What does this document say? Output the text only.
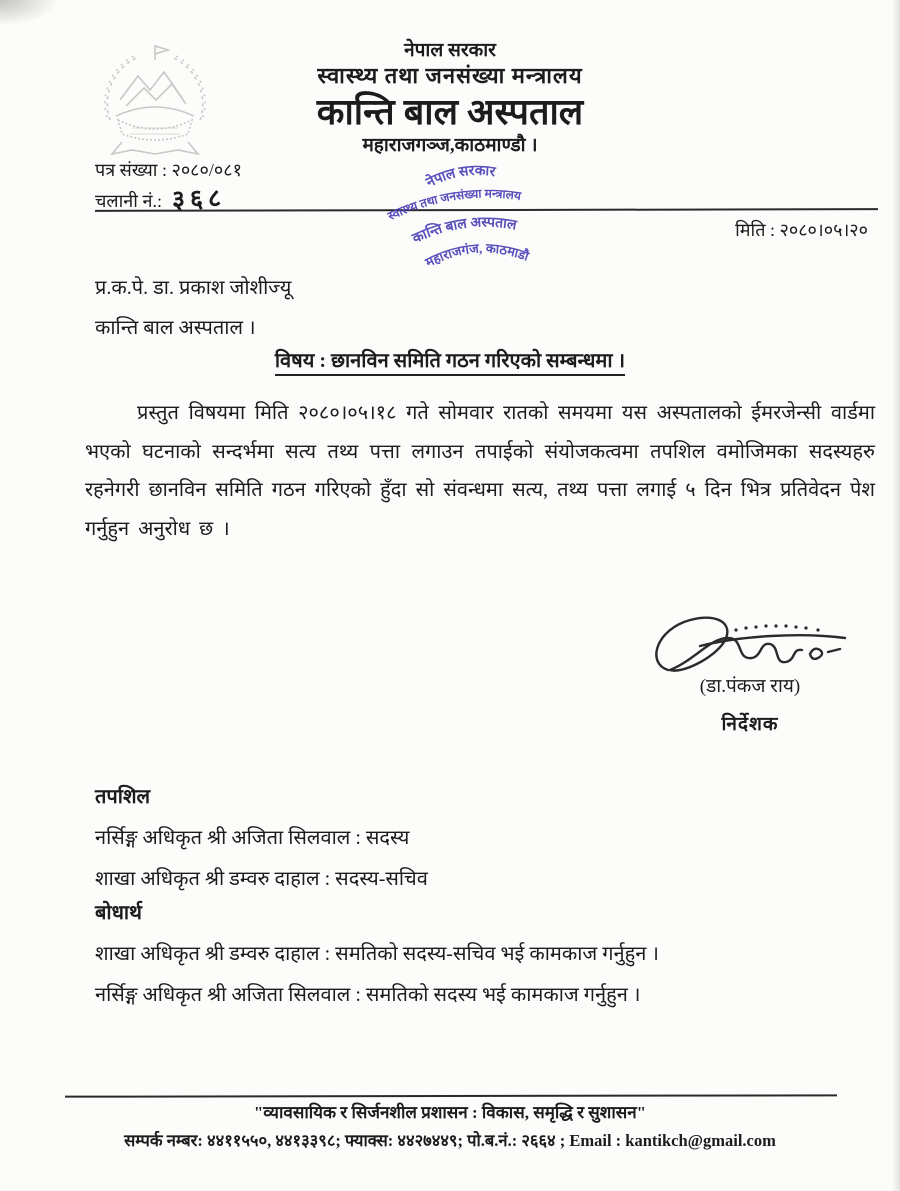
नेपाल सरकार
स्वास्थ्य तथा जनसंख्या मन्त्रालय
कान्ति बाल अस्पताल
महाराजगञ्ज,काठमाण्डौ ।
पत्र संख्या : २०८०/०८१
चलानी नं.: ३६८
नेपाल सरकार
स्वास्थ्य तथा जनसंख्या मन्त्रालय
कान्ति बाल अस्पताल
महाराजगंज, काठमाडौ
मिति : २०८०।०५।२०
प्र.क.पे. डा. प्रकाश जोशीज्यू
कान्ति बाल अस्पताल ।
विषय : छानविन समिति गठन गरिएको सम्बन्धमा ।

प्रस्तुत विषयमा मिति २०८०।०५।१८ गते सोमवार रातको समयमा यस अस्पतालको ईमरजेन्सी वार्डमा भएको घटनाको सन्दर्भमा सत्य तथ्य पत्ता लगाउन तपाईको संयोजकत्वमा तपशिल वमोजिमका सदस्यहरु रहनेगरी छानविन समिति गठन गरिएको हुँदा सो संवन्धमा सत्य, तथ्य पत्ता लगाई ५ दिन भित्र प्रतिवेदन पेश गर्नुहुन अनुरोध छ ।

(डा.पंकज राय)
निर्देशक
तपशिल
नर्सिङ्ग अधिकृत श्री अजिता सिलवाल : सदस्य
शाखा अधिकृत श्री डम्वरु दाहाल : सदस्य-सचिव
बोधार्थ
शाखा अधिकृत श्री डम्वरु दाहाल : समतिको सदस्य-सचिव भई कामकाज गर्नुहुन ।
नर्सिङ्ग अधिकृत श्री अजिता सिलवाल : समतिको सदस्य भई कामकाज गर्नुहुन ।
"व्यावसायिक र सिर्जनशील प्रशासन : विकास, समृद्धि र सुशासन"
सम्पर्क नम्बर: ४४११५५०, ४४१३३९८; फ्याक्स: ४४२७४४९; पो.ब.नं.: २६६४ ; Email : kantikch@gmail.com
